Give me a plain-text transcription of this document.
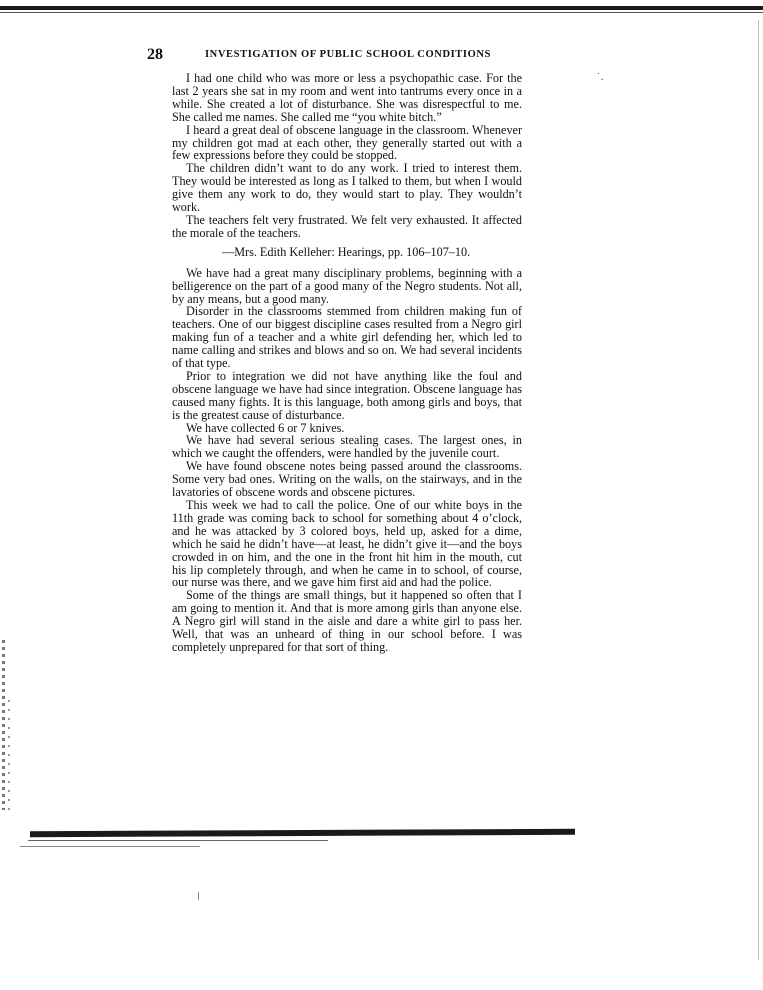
˙․
28	INVESTIGATION OF PUBLIC SCHOOL CONDITIONS

I had one child who was more or less a psychopathic case. For the last 2 years she sat in my room and went into tantrums every once in a while. She created a lot of disturbance. She was disrespectful to me. She called me names. She called me “you white bitch.”

I heard a great deal of obscene language in the classroom. Whenever my children got mad at each other, they generally started out with a few expressions before they could be stopped.

The children didn’t want to do any work. I tried to interest them. They would be interested as long as I talked to them, but when I would give them any work to do, they would start to play. They wouldn’t work.

The teachers felt very frustrated. We felt very exhausted. It affected the morale of the teachers.

—Mrs. Edith Kelleher: Hearings, pp. 106–107–10.

We have had a great many disciplinary problems, beginning with a belligerence on the part of a good many of the Negro students. Not all, by any means, but a good many.

Disorder in the classrooms stemmed from children making fun of teachers. One of our biggest discipline cases resulted from a Negro girl making fun of a teacher and a white girl defending her, which led to name calling and strikes and blows and so on. We had several incidents of that type.

Prior to integration we did not have anything like the foul and obscene language we have had since integration. Obscene language has caused many fights. It is this language, both among girls and boys, that is the greatest cause of disturbance.

We have collected 6 or 7 knives.

We have had several serious stealing cases. The largest ones, in which we caught the offenders, were handled by the juvenile court.

We have found obscene notes being passed around the classrooms. Some very bad ones. Writing on the walls, on the stairways, and in the lavatories of obscene words and obscene pictures.

This week we had to call the police. One of our white boys in the 11th grade was coming back to school for something about 4 o’clock, and he was attacked by 3 colored boys, held up, asked for a dime, which he said he didn’t have—at least, he didn’t give it—and the boys crowded in on him, and the one in the front hit him in the mouth, cut his lip completely through, and when he came in to school, of course, our nurse was there, and we gave him first aid and had the police.

Some of the things are small things, but it happened so often that I am going to mention it. And that is more among girls than anyone else. A Negro girl will stand in the aisle and dare a white girl to pass her. Well, that was an unheard of thing in our school before. I was completely unprepared for that sort of thing.
